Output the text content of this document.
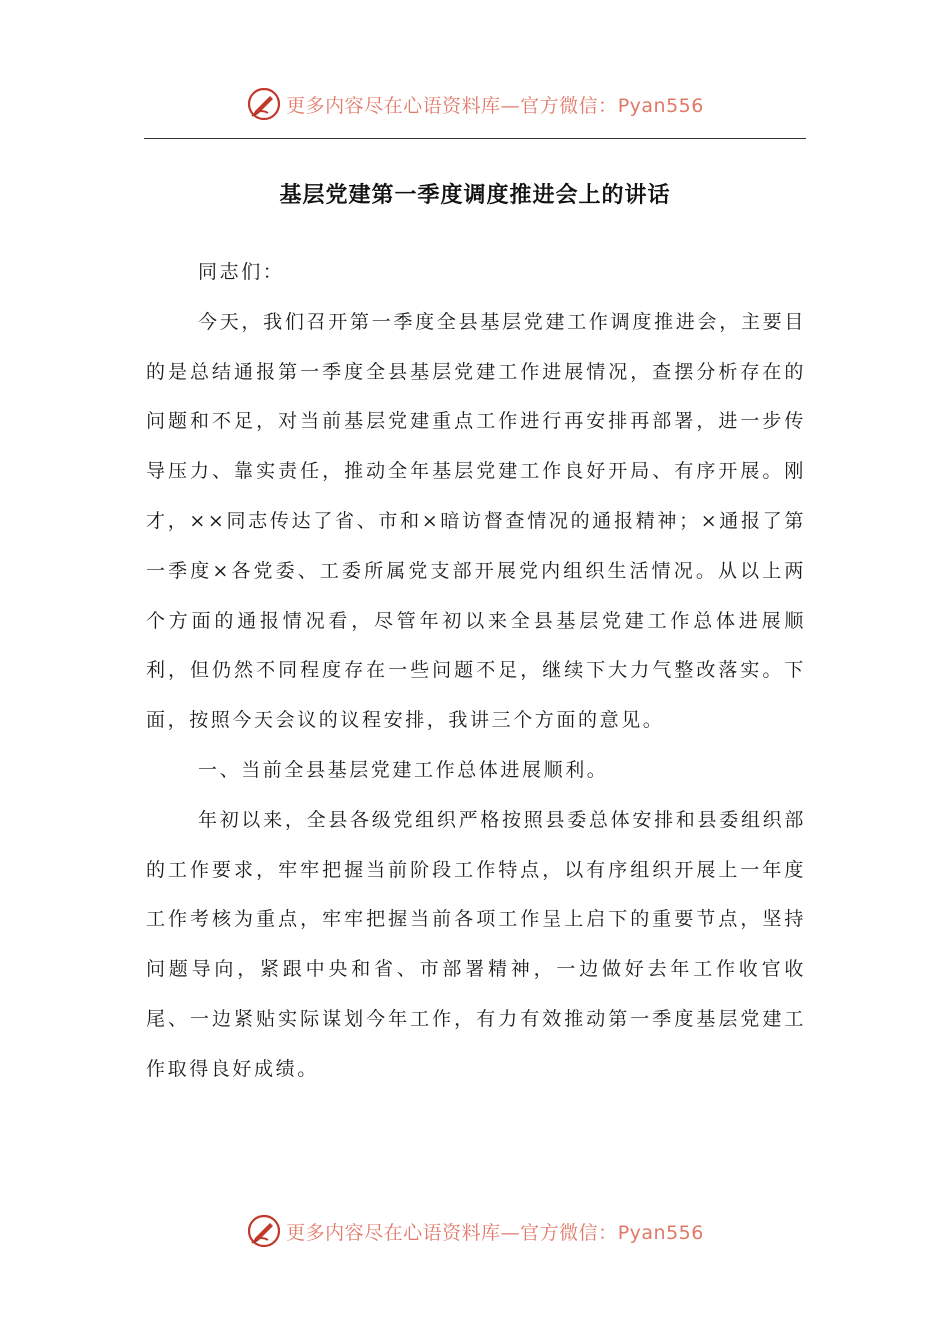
更多内容尽在心语资料库—官方微信：Pyan556
基层党建第一季度调度推进会上的讲话

同志们：

今天，我们召开第一季度全县基层党建工作调度推进会，主要目的是总结通报第一季度全县基层党建工作进展情况，查摆分析存在的问题和不足，对当前基层党建重点工作进行再安排再部署，进一步传导压力、靠实责任，推动全年基层党建工作良好开局、有序开展。刚才，××同志传达了省、市和×暗访督查情况的通报精神；×通报了第一季度×各党委、工委所属党支部开展党内组织生活情况。从以上两个方面的通报情况看，尽管年初以来全县基层党建工作总体进展顺利，但仍然不同程度存在一些问题不足，继续下大力气整改落实。下面，按照今天会议的议程安排，我讲三个方面的意见。

一、当前全县基层党建工作总体进展顺利。

年初以来，全县各级党组织严格按照县委总体安排和县委组织部的工作要求，牢牢把握当前阶段工作特点，以有序组织开展上一年度工作考核为重点，牢牢把握当前各项工作呈上启下的重要节点，坚持问题导向，紧跟中央和省、市部署精神，一边做好去年工作收官收尾、一边紧贴实际谋划今年工作，有力有效推动第一季度基层党建工作取得良好成绩。

更多内容尽在心语资料库—官方微信：Pyan556
